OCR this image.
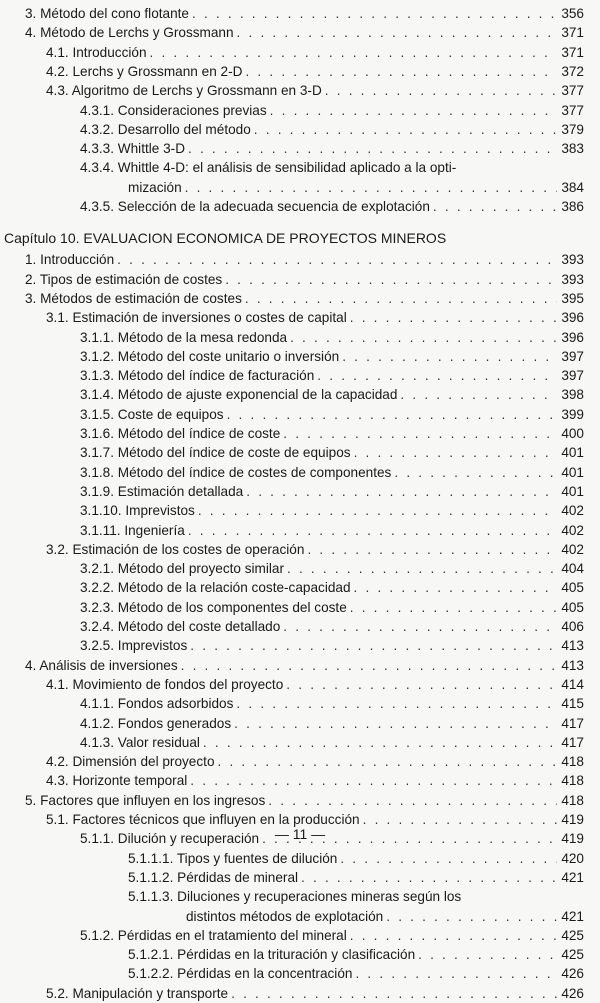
3. Método del cono flotante . . .	356
4. Método de Lerchs y Grossmann . . .	371
4.1. Introducción . . .	371
4.2. Lerchs y Grossmann en 2-D . . .	372
4.3. Algoritmo de Lerchs y Grossmann en 3-D . . .	377
4.3.1. Consideraciones previas . . .	377
4.3.2. Desarrollo del método . . .	379
4.3.3. Whittle 3-D . . .	383
4.3.4. Whittle 4-D: el análisis de sensibilidad aplicado a la opti-
mización . . .	384
4.3.5. Selección de la adecuada secuencia de explotación . . .	386
Capítulo 10. EVALUACION ECONOMICA DE PROYECTOS MINEROS
1. Introducción . . .	393
2. Tipos de estimación de costes . . .	393
3. Métodos de estimación de costes . . .	395
3.1. Estimación de inversiones o costes de capital . . .	396
3.1.1. Método de la mesa redonda . . .	396
3.1.2. Método del coste unitario o inversión . . .	397
3.1.3. Método del índice de facturación . . .	397
3.1.4. Método de ajuste exponencial de la capacidad . . .	398
3.1.5. Coste de equipos . . .	399
3.1.6. Método del índice de coste . . .	400
3.1.7. Método del índice de coste de equipos . . .	401
3.1.8. Método del índice de costes de componentes . . .	401
3.1.9. Estimación detallada . . .	401
3.1.10. Imprevistos . . .	402
3.1.11. Ingeniería . . .	402
3.2. Estimación de los costes de operación . . .	402
3.2.1. Método del proyecto similar . . .	404
3.2.2. Método de la relación coste-capacidad . . .	405
3.2.3. Método de los componentes del coste . . .	405
3.2.4. Método del coste detallado . . .	406
3.2.5. Imprevistos . . .	413
4. Análisis de inversiones . . .	413
4.1. Movimiento de fondos del proyecto . . .	414
4.1.1. Fondos adsorbidos . . .	415
4.1.2. Fondos generados . . .	417
4.1.3. Valor residual . . .	417
4.2. Dimensión del proyecto . . .	418
4.3. Horizonte temporal . . .	418
5. Factores que influyen en los ingresos . . .	418
5.1. Factores técnicos que influyen en la producción . . .	419
5.1.1. Dilución y recuperación . . .	419
5.1.1.1. Tipos y fuentes de dilución . . .	420
5.1.1.2. Pérdidas de mineral . . .	421
5.1.1.3. Diluciones y recuperaciones mineras según los
distintos métodos de explotación . . .	421
5.1.2. Pérdidas en el tratamiento del mineral . . .	425
5.1.2.1. Pérdidas en la trituración y clasificación . . .	425
5.1.2.2. Pérdidas en la concentración . . .	426
5.2. Manipulación y transporte . . .	426
— 11 —
